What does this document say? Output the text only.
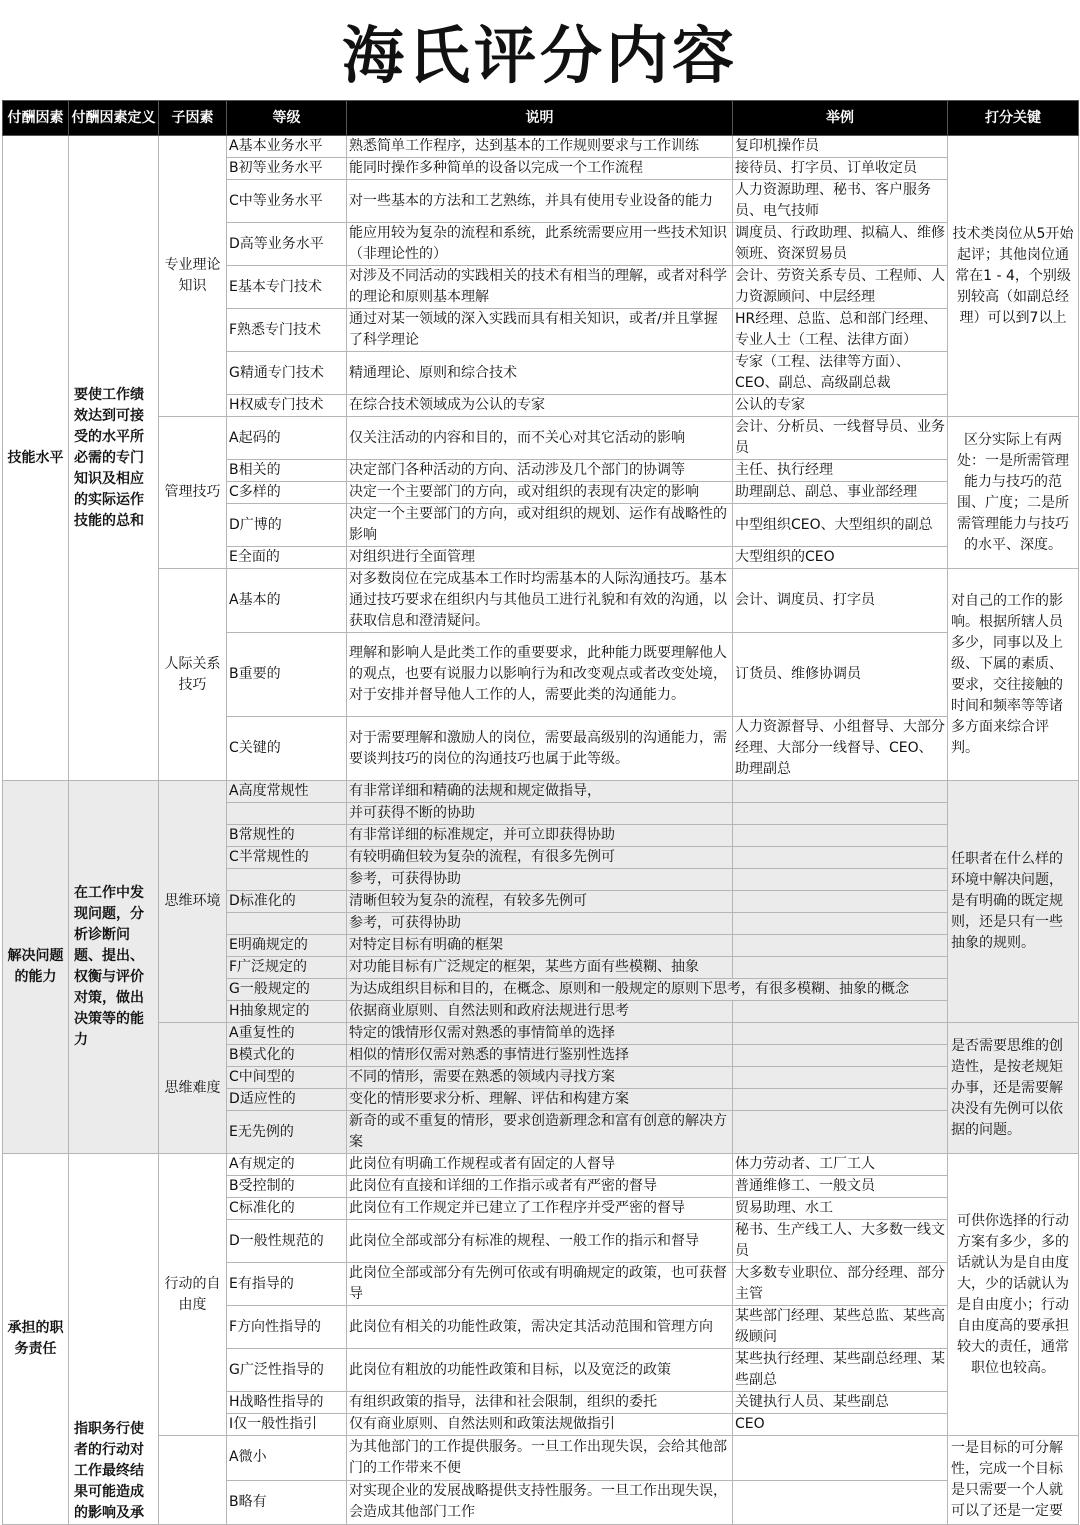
海氏评分内容
付酬因素	付酬因素定义	子因素	等级	说明	举例	打分关键
技能水平	要使工作绩效达到可接受的水平所必需的专门知识及相应的实际运作技能的总和	专业理论知识	A基本业务水平	熟悉简单工作程序，达到基本的工作规则要求与工作训练	复印机操作员	技术类岗位从5开始起评；其他岗位通常在1 - 4，个别级别较高（如副总经理）可以到7以上
			B初等业务水平	能同时操作多种简单的设备以完成一个工作流程	接待员、打字员、订单收定员	
			C中等业务水平	对一些基本的方法和工艺熟练，并具有使用专业设备的能力	人力资源助理、秘书、客户服务员、电气技师	
			D高等业务水平	能应用较为复杂的流程和系统，此系统需要应用一些技术知识（非理论性的）	调度员、行政助理、拟稿人、维修领班、资深贸易员	
			E基本专门技术	对涉及不同活动的实践相关的技术有相当的理解，或者对科学的理论和原则基本理解	会计、劳资关系专员、工程师、人力资源顾问、中层经理	
			F熟悉专门技术	通过对某一领域的深入实践而具有相关知识，或者/并且掌握了科学理论	HR经理、总监、总和部门经理、专业人士（工程、法律方面）	
			G精通专门技术	精通理论、原则和综合技术	专家（工程、法律等方面）、CEO、副总、高级副总裁	
			H权威专门技术	在综合技术领域成为公认的专家	公认的专家	
		管理技巧	A起码的	仅关注活动的内容和目的，而不关心对其它活动的影响	会计、分析员、一线督导员、业务员	区分实际上有两处：一是所需管理能力与技巧的范围、广度；二是所需管理能力与技巧的水平、深度。
			B相关的	决定部门各种活动的方向、活动涉及几个部门的协调等	主任、执行经理	
			C多样的	决定一个主要部门的方向，或对组织的表现有决定的影响	助理副总、副总、事业部经理	
			D广博的	决定一个主要部门的方向，或对组织的规划、运作有战略性的影响	中型组织CEO、大型组织的副总	
			E全面的	对组织进行全面管理	大型组织的CEO	
		人际关系技巧	A基本的	对多数岗位在完成基本工作时均需基本的人际沟通技巧。基本通过技巧要求在组织内与其他员工进行礼貌和有效的沟通，以获取信息和澄清疑问。	会计、调度员、打字员	对自己的工作的影响。根据所辖人员多少，同事以及上级、下属的素质、要求，交往接触的时间和频率等等诸多方面来综合评判。
			B重要的	理解和影响人是此类工作的重要要求，此种能力既要理解他人的观点，也要有说服力以影响行为和改变观点或者改变处境，对于安排并督导他人工作的人，需要此类的沟通能力。	订货员、维修协调员	
			C关键的	对于需要理解和激励人的岗位，需要最高级别的沟通能力，需要谈判技巧的岗位的沟通技巧也属于此等级。	人力资源督导、小组督导、大部分经理、大部分一线督导、CEO、助理副总	
解决问题的能力	在工作中发现问题，分析诊断问题、提出、权衡与评价对策，做出决策等的能力	思维环境	A高度常规性	有非常详细和精确的法规和规定做指导，		任职者在什么样的环境中解决问题，是有明确的既定规则，还是只有一些抽象的规则。
				并可获得不断的协助		
			B常规性的	有非常详细的标准规定，并可立即获得协助		
			C半常规性的	有较明确但较为复杂的流程，有很多先例可		
				参考，可获得协助		
			D标准化的	清晰但较为复杂的流程，有较多先例可		
				参考，可获得协助		
			E明确规定的	对特定目标有明确的框架		
			F广泛规定的	对功能目标有广泛规定的框架，某些方面有些模糊、抽象		
			G一般规定的	为达成组织目标和目的，在概念、原则和一般规定的原则下思考，有很多模糊、抽象的概念		
			H抽象规定的	依据商业原则、自然法则和政府法规进行思考		
		思维难度	A重复性的	特定的饿情形仅需对熟悉的事情简单的选择		是否需要思维的创造性，是按老规矩办事，还是需要解决没有先例可以依据的问题。
			B模式化的	相似的情形仅需对熟悉的事情进行鉴别性选择		
			C中间型的	不同的情形，需要在熟悉的领域内寻找方案		
			D适应性的	变化的情形要求分析、理解、评估和构建方案		
			E无先例的	新奇的或不重复的情形，要求创造新理念和富有创意的解决方案		
承担的职务责任	指职务行使者的行动对工作最终结果可能造成的影响及承	行动的自由度	A有规定的	此岗位有明确工作规程或者有固定的人督导	体力劳动者、工厂工人	可供你选择的行动方案有多少，多的话就认为是自由度大，少的话就认为是自由度小；行动自由度高的要承担较大的责任，通常职位也较高。
			B受控制的	此岗位有直接和详细的工作指示或者有严密的督导	普通维修工、一般文员	
			C标准化的	此岗位有工作规定并已建立了工作程序并受严密的督导	贸易助理、水工	
			D一般性规范的	此岗位全部或部分有标准的规程、一般工作的指示和督导	秘书、生产线工人、大多数一线文员	
			E有指导的	此岗位全部或部分有先例可依或有明确规定的政策，也可获督导	大多数专业职位、部分经理、部分主管	
			F方向性指导的	此岗位有相关的功能性政策，需决定其活动范围和管理方向	某些部门经理、某些总监、某些高级顾问	
			G广泛性指导的	此岗位有粗放的功能性政策和目标，以及宽泛的政策	某些执行经理、某些副总经理、某些副总	
			H战略性指导的	有组织政策的指导，法律和社会限制，组织的委托	关键执行人员、某些副总	
			I仅一般性指引	仅有商业原则、自然法则和政策法规做指引	CEO	
			A微小	为其他部门的工作提供服务。一旦工作出现失误，会给其他部门的工作带来不便		一是目标的可分解性，完成一个目标是只需要一个人就可以了还是一定要
			B略有	对实现企业的发展战略提供支持性服务。一旦工作出现失误，会造成其他部门工作		
